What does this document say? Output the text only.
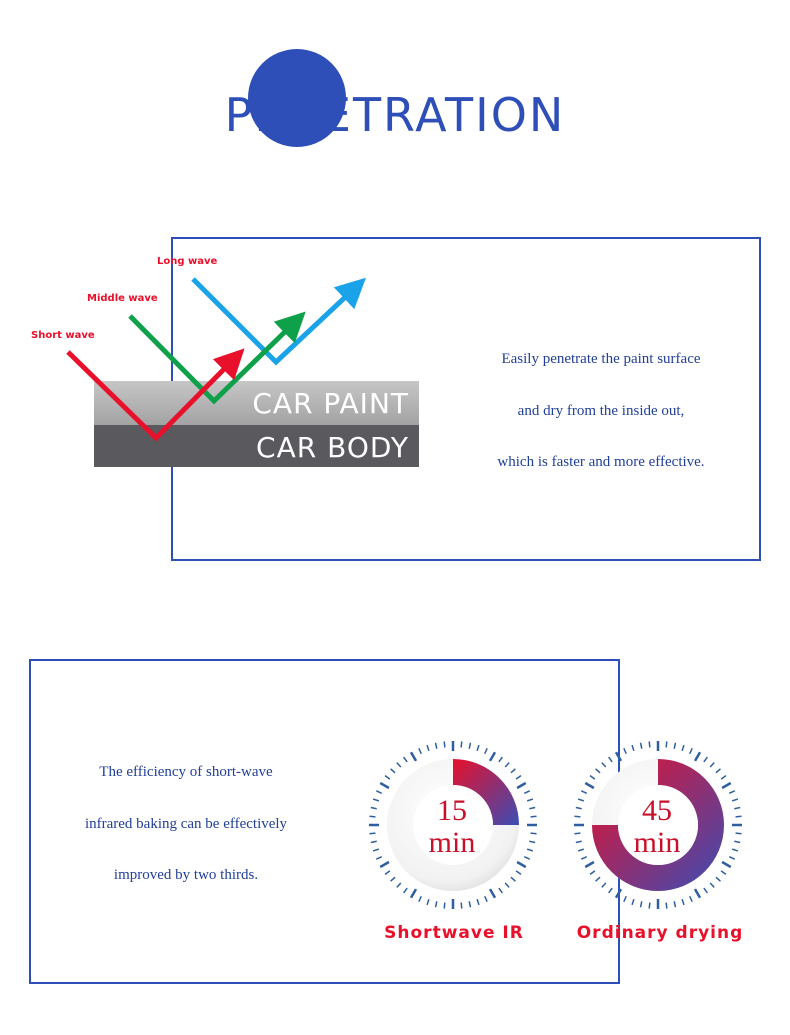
PENETRATION
CAR PAINT
CAR BODY
Long wave
Middle wave
Short wave
Easily penetrate the paint surface
and dry from the inside out,
which is faster and more effective.
The efficiency of short-wave
infrared baking can be effectively
improved by two thirds.
15
min
45
min
Shortwave IR	Ordinary drying
